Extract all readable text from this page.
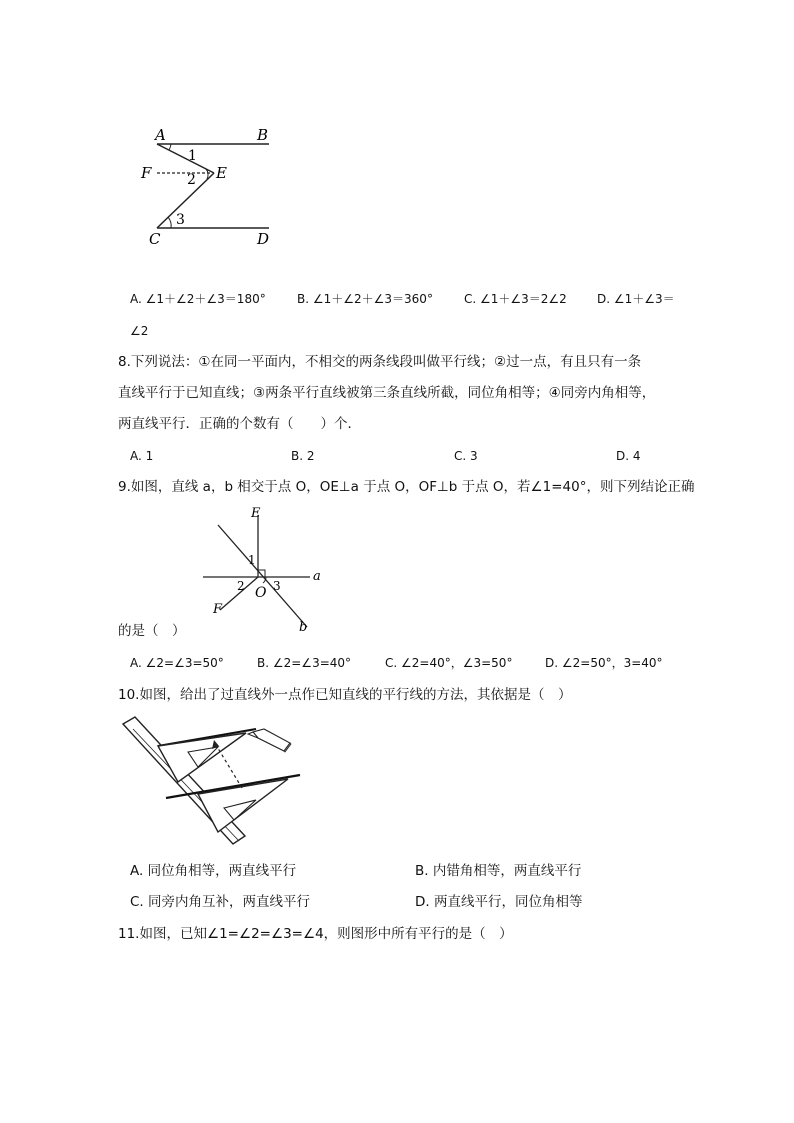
A	B
F	E
C	D
1
2
3
A. ∠1＋∠2＋∠3＝180°	B. ∠1＋∠2＋∠3＝360°	C. ∠1＋∠3＝2∠2	D. ∠1＋∠3＝
∠2
8.下列说法：①在同一平面内，不相交的两条线段叫做平行线；②过一点，有且只有一条
直线平行于已知直线；③两条平行直线被第三条直线所截，同位角相等；④同旁内角相等，
两直线平行．正确的个数有（　　）个．
A. 1	B. 2	C. 3	D. 4
9.如图，直线 a，b 相交于点 O，OE⊥a 于点 O，OF⊥b 于点 O，若∠1=40°，则下列结论正确
E
F
O
a
b
1
2 3
的是（　）
A. ∠2=∠3=50°	B. ∠2=∠3=40°	C. ∠2=40°，∠3=50°	D. ∠2=50°，3=40°
10.如图，给出了过直线外一点作已知直线的平行线的方法，其依据是（　）
A. 同位角相等，两直线平行	B. 内错角相等，两直线平行
C. 同旁内角互补，两直线平行	D. 两直线平行，同位角相等
11.如图，已知∠1=∠2=∠3=∠4，则图形中所有平行的是（　）
